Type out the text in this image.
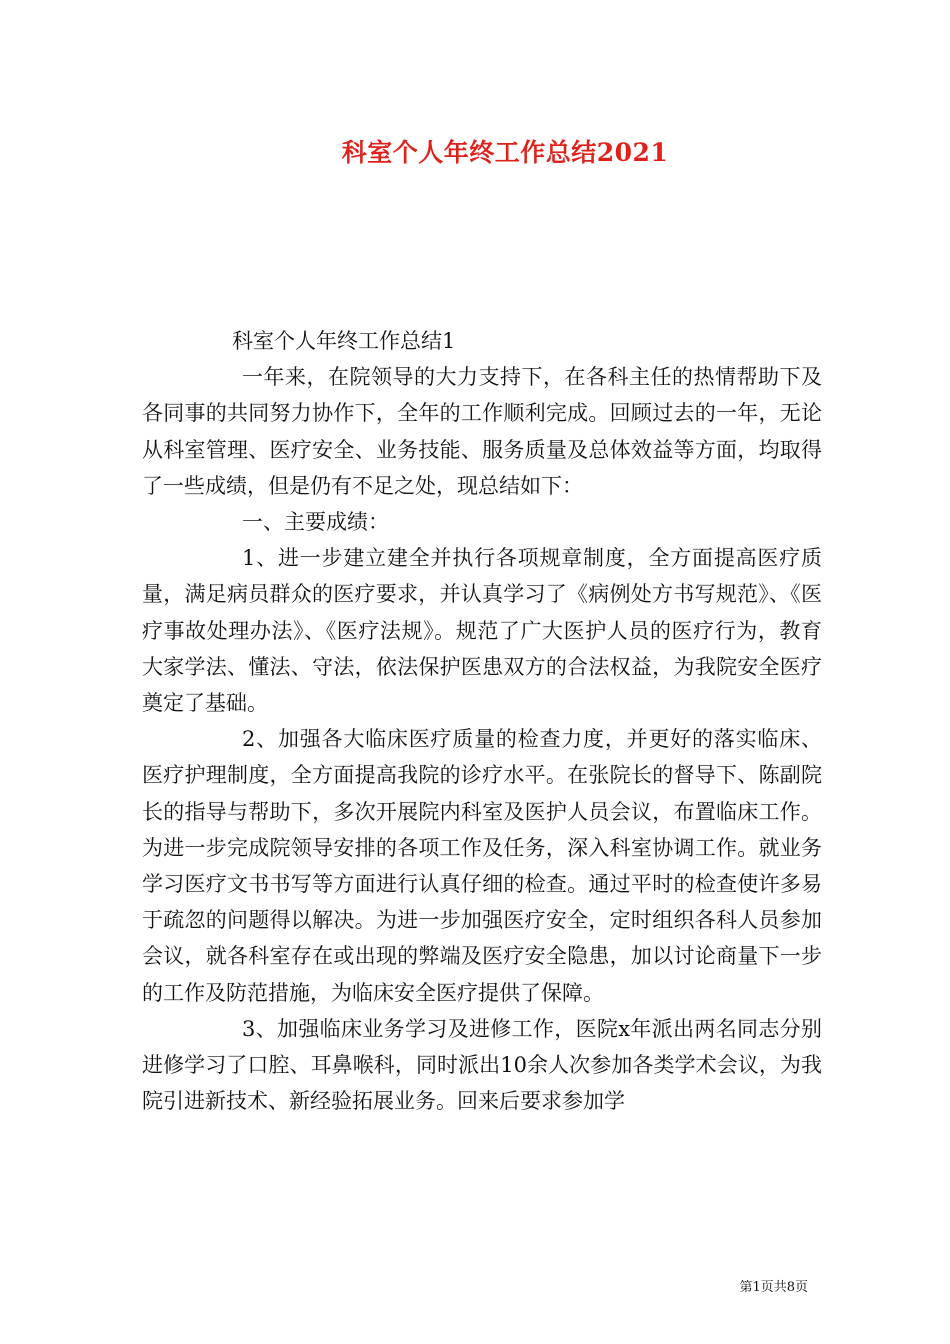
科室个人年终工作总结2021

科室个人年终工作总结1

一年来，在院领导的大力支持下，在各科主任的热情帮助下及各同事的共同努力协作下，全年的工作顺利完成。回顾过去的一年，无论从科室管理、医疗安全、业务技能、服务质量及总体效益等方面，均取得了一些成绩，但是仍有不足之处，现总结如下：

一、主要成绩：

1、进一步建立建全并执行各项规章制度，全方面提高医疗质量，满足病员群众的医疗要求，并认真学习了《病例处方书写规范》、《医疗事故处理办法》、《医疗法规》。规范了广大医护人员的医疗行为，教育大家学法、懂法、守法，依法保护医患双方的合法权益，为我院安全医疗奠定了基础。

2、加强各大临床医疗质量的检查力度，并更好的落实临床、医疗护理制度，全方面提高我院的诊疗水平。在张院长的督导下、陈副院长的指导与帮助下，多次开展院内科室及医护人员会议，布置临床工作。为进一步完成院领导安排的各项工作及任务，深入科室协调工作。就业务学习医疗文书书写等方面进行认真仔细的检查。通过平时的检查使许多易于疏忽的问题得以解决。为进一步加强医疗安全，定时组织各科人员参加会议，就各科室存在或出现的弊端及医疗安全隐患，加以讨论商量下一步的工作及防范措施，为临床安全医疗提供了保障。

3、加强临床业务学习及进修工作，医院x年派出两名同志分别进修学习了口腔、耳鼻喉科，同时派出10余人次参加各类学术会议，为我院引进新技术、新经验拓展业务。回来后要求参加学

第1页共8页
